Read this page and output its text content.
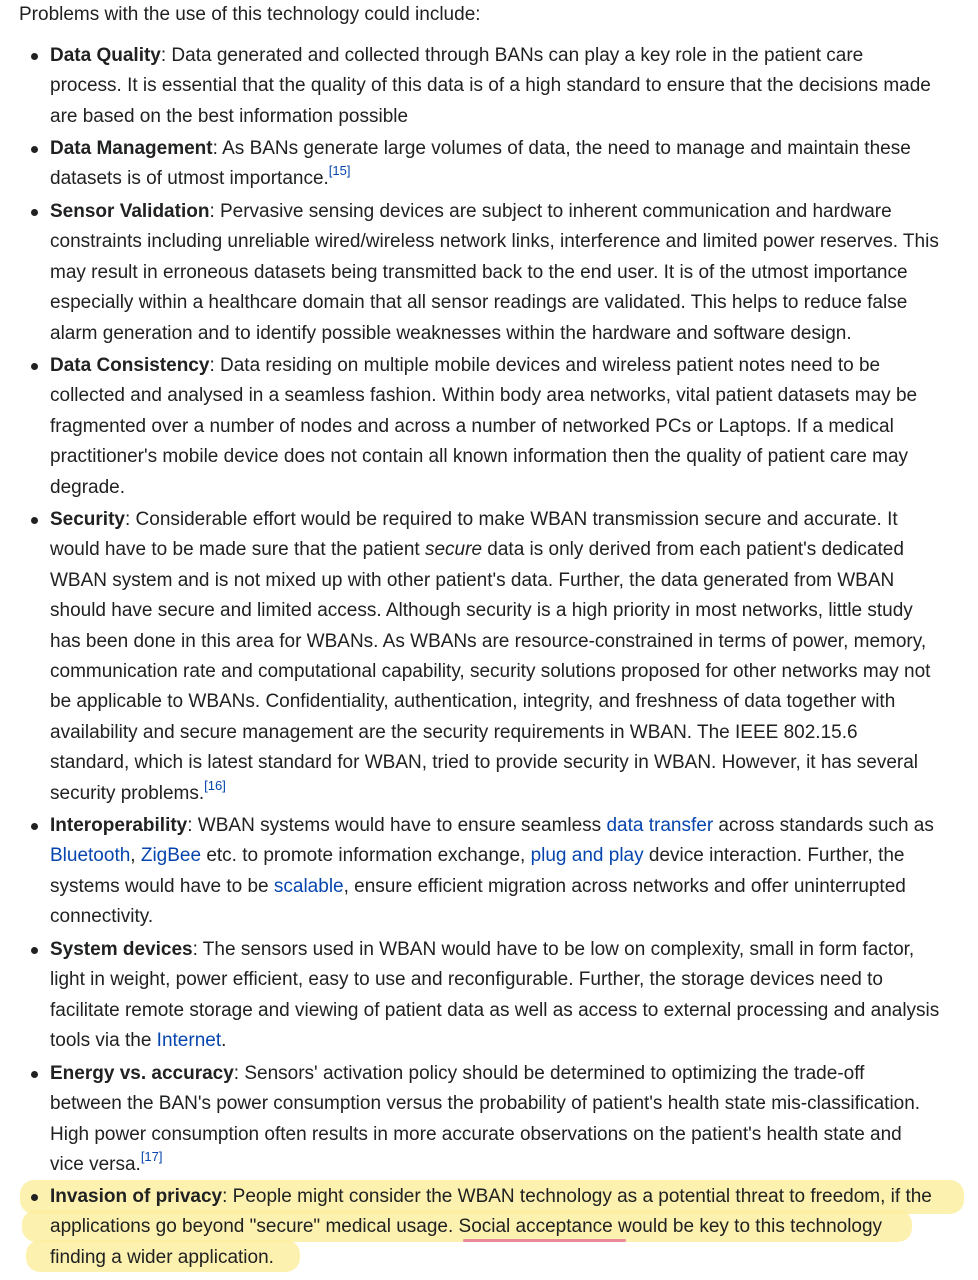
Problems with the use of this technology could include:

Data Quality: Data generated and collected through BANs can play a key role in the patient care
process. It is essential that the quality of this data is of a high standard to ensure that the decisions made
are based on the best information possible
Data Management: As BANs generate large volumes of data, the need to manage and maintain these
datasets is of utmost importance.[15]
Sensor Validation: Pervasive sensing devices are subject to inherent communication and hardware
constraints including unreliable wired/wireless network links, interference and limited power reserves. This
may result in erroneous datasets being transmitted back to the end user. It is of the utmost importance
especially within a healthcare domain that all sensor readings are validated. This helps to reduce false
alarm generation and to identify possible weaknesses within the hardware and software design.
Data Consistency: Data residing on multiple mobile devices and wireless patient notes need to be
collected and analysed in a seamless fashion. Within body area networks, vital patient datasets may be
fragmented over a number of nodes and across a number of networked PCs or Laptops. If a medical
practitioner's mobile device does not contain all known information then the quality of patient care may
degrade.
Security: Considerable effort would be required to make WBAN transmission secure and accurate. It
would have to be made sure that the patient secure data is only derived from each patient's dedicated
WBAN system and is not mixed up with other patient's data. Further, the data generated from WBAN
should have secure and limited access. Although security is a high priority in most networks, little study
has been done in this area for WBANs. As WBANs are resource-constrained in terms of power, memory,
communication rate and computational capability, security solutions proposed for other networks may not
be applicable to WBANs. Confidentiality, authentication, integrity, and freshness of data together with
availability and secure management are the security requirements in WBAN. The IEEE 802.15.6
standard, which is latest standard for WBAN, tried to provide security in WBAN. However, it has several
security problems.[16]
Interoperability: WBAN systems would have to ensure seamless data transfer across standards such as
Bluetooth, ZigBee etc. to promote information exchange, plug and play device interaction. Further, the
systems would have to be scalable, ensure efficient migration across networks and offer uninterrupted
connectivity.
System devices: The sensors used in WBAN would have to be low on complexity, small in form factor,
light in weight, power efficient, easy to use and reconfigurable. Further, the storage devices need to
facilitate remote storage and viewing of patient data as well as access to external processing and analysis
tools via the Internet.
Energy vs. accuracy: Sensors' activation policy should be determined to optimizing the trade-off
between the BAN's power consumption versus the probability of patient's health state mis-classification.
High power consumption often results in more accurate observations on the patient's health state and
vice versa.[17]
Invasion of privacy: People might consider the WBAN technology as a potential threat to freedom, if the
applications go beyond "secure" medical usage. Social acceptance would be key to this technology
finding a wider application.
